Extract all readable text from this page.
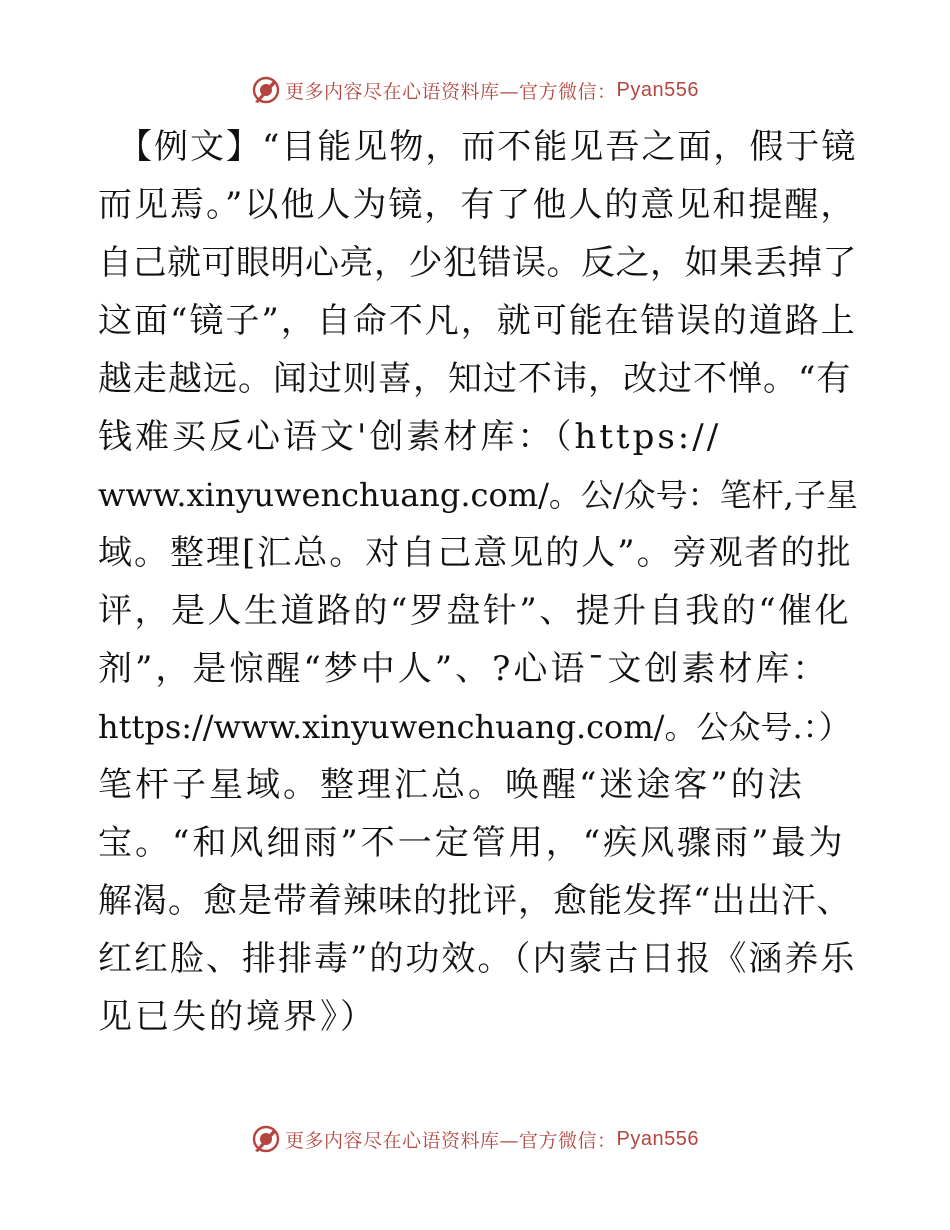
更多内容尽在心语资料库—官方微信： Pyan556
【例文】“目能见物，而不能见吾之面，假于镜
而见焉。”以他人为镜，有了他人的意见和提醒，
自己就可眼明心亮，少犯错误。反之，如果丢掉了
这面“镜子”，自命不凡，就可能在错误的道路上
越走越远。闻过则喜，知过不讳，改过不惮。“有
钱难买反心语文'创素材库：（https://
www.xinyuwenchuang.com/。公/众号：笔杆,子星
域。整理[汇总。对自己意见的人”。旁观者的批
评，是人生道路的“罗盘针”、提升自我的“催化
剂”，是惊醒“梦中人”、?心语¯文创素材库：
https://www.xinyuwenchuang.com/。公众号.：）
笔杆子星域。整理汇总。唤醒“迷途客”的法
宝。“和风细雨”不一定管用，“疾风骤雨”最为
解渴。愈是带着辣味的批评，愈能发挥“出出汗、
红红脸、排排毒”的功效。（内蒙古日报《涵养乐
见已失的境界》）
更多内容尽在心语资料库—官方微信： Pyan556
